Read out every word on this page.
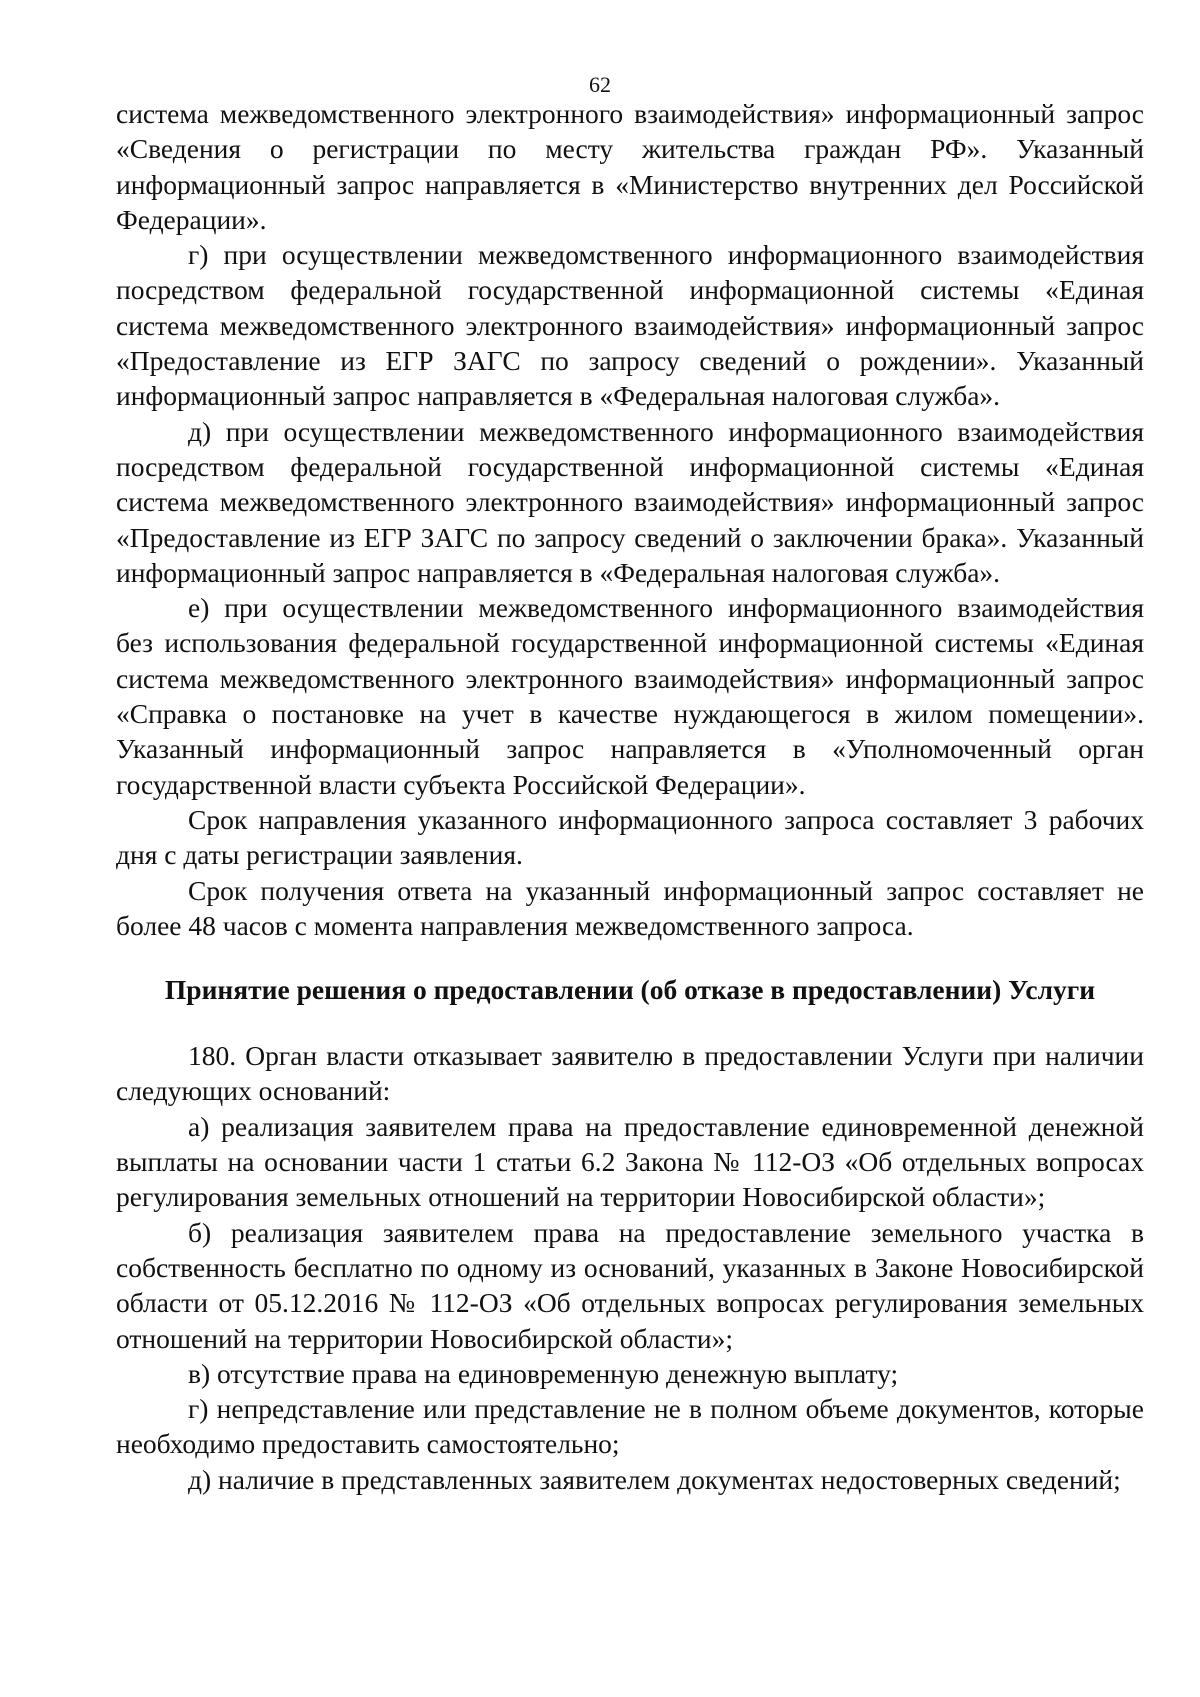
62

система межведомственного электронного взаимодействия» информационный запрос «Сведения о регистрации по месту жительства граждан РФ». Указанный информационный запрос направляется в «Министерство внутренних дел Российской Федерации».

г) при осуществлении межведомственного информационного взаимодействия посредством федеральной государственной информационной системы «Единая система межведомственного электронного взаимодействия» информационный запрос «Предоставление из ЕГР ЗАГС по запросу сведений о рождении». Указанный информационный запрос направляется в «Федеральная налоговая служба».

д) при осуществлении межведомственного информационного взаимодействия посредством федеральной государственной информационной системы «Единая система межведомственного электронного взаимодействия» информационный запрос «Предоставление из ЕГР ЗАГС по запросу сведений о заключении брака». Указанный информационный запрос направляется в «Федеральная налоговая служба».

е) при осуществлении межведомственного информационного взаимодействия без использования федеральной государственной информационной системы «Единая система межведомственного электронного взаимодействия» информационный запрос «Справка о постановке на учет в качестве нуждающегося в жилом помещении». Указанный информационный запрос направляется в «Уполномоченный орган государственной власти субъекта Российской Федерации».

Срок направления указанного информационного запроса составляет 3 рабочих дня с даты регистрации заявления.

Срок получения ответа на указанный информационный запрос составляет не более 48 часов с момента направления межведомственного запроса.

Принятие решения о предоставлении (об отказе в предоставлении) Услуги

180. Орган власти отказывает заявителю в предоставлении Услуги при наличии следующих оснований:

а) реализация заявителем права на предоставление единовременной денежной выплаты на основании части 1 статьи 6.2 Закона № 112-ОЗ «Об отдельных вопросах регулирования земельных отношений на территории Новосибирской области»;

б) реализация заявителем права на предоставление земельного участка в собственность бесплатно по одному из оснований, указанных в Законе Новосибирской области от 05.12.2016 № 112-ОЗ «Об отдельных вопросах регулирования земельных отношений на территории Новосибирской области»;

в) отсутствие права на единовременную денежную выплату;

г) непредставление или представление не в полном объеме документов, которые необходимо предоставить самостоятельно;

д) наличие в представленных заявителем документах недостоверных сведений;
